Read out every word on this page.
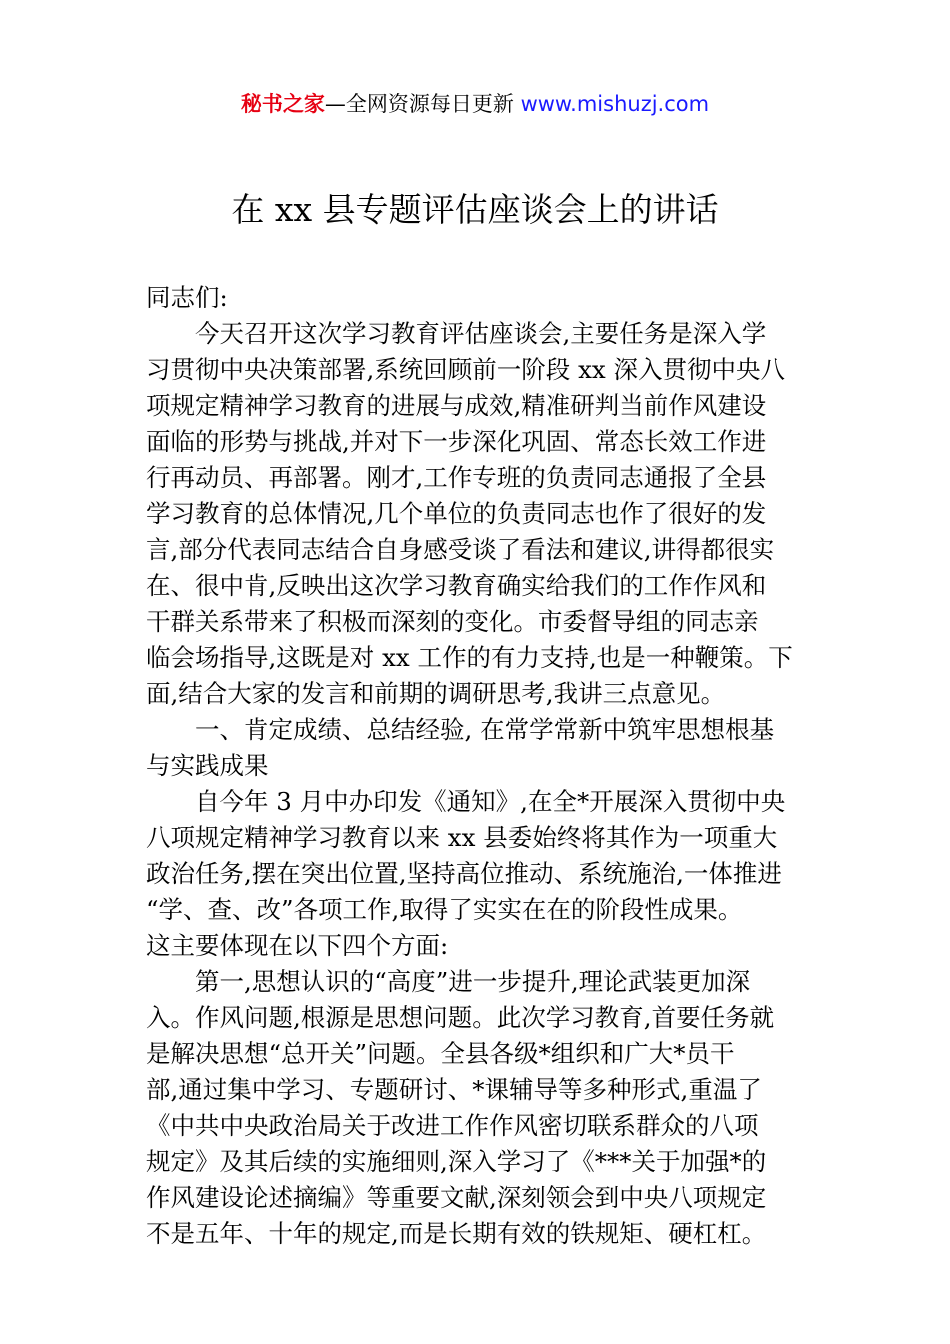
秘书之家—全网资源每日更新 www.mishuzj.com
在 xx 县专题评估座谈会上的讲话
同志们:
今天召开这次学习教育评估座谈会,主要任务是深入学
习贯彻中央决策部署,系统回顾前一阶段 xx 深入贯彻中央八
项规定精神学习教育的进展与成效,精准研判当前作风建设
面临的形势与挑战,并对下一步深化巩固、常态长效工作进
行再动员、再部署。刚才,工作专班的负责同志通报了全县
学习教育的总体情况,几个单位的负责同志也作了很好的发
言,部分代表同志结合自身感受谈了看法和建议,讲得都很实
在、很中肯,反映出这次学习教育确实给我们的工作作风和
干群关系带来了积极而深刻的变化。市委督导组的同志亲
临会场指导,这既是对 xx 工作的有力支持,也是一种鞭策。下
面,结合大家的发言和前期的调研思考,我讲三点意见。
一、肯定成绩、总结经验, 在常学常新中筑牢思想根基
与实践成果
自今年 3 月中办印发《通知》,在全*开展深入贯彻中央
八项规定精神学习教育以来 xx 县委始终将其作为一项重大
政治任务,摆在突出位置,坚持高位推动、系统施治,一体推进
“学、查、改”各项工作,取得了实实在在的阶段性成果。
这主要体现在以下四个方面:
第一,思想认识的“高度”进一步提升,理论武装更加深
入。作风问题,根源是思想问题。此次学习教育,首要任务就
是解决思想“总开关”问题。全县各级*组织和广大*员干
部,通过集中学习、专题研讨、*课辅导等多种形式,重温了
《中共中央政治局关于改进工作作风密切联系群众的八项
规定》及其后续的实施细则,深入学习了《***关于加强*的
作风建设论述摘编》等重要文献,深刻领会到中央八项规定
不是五年、十年的规定,而是长期有效的铁规矩、硬杠杠。
